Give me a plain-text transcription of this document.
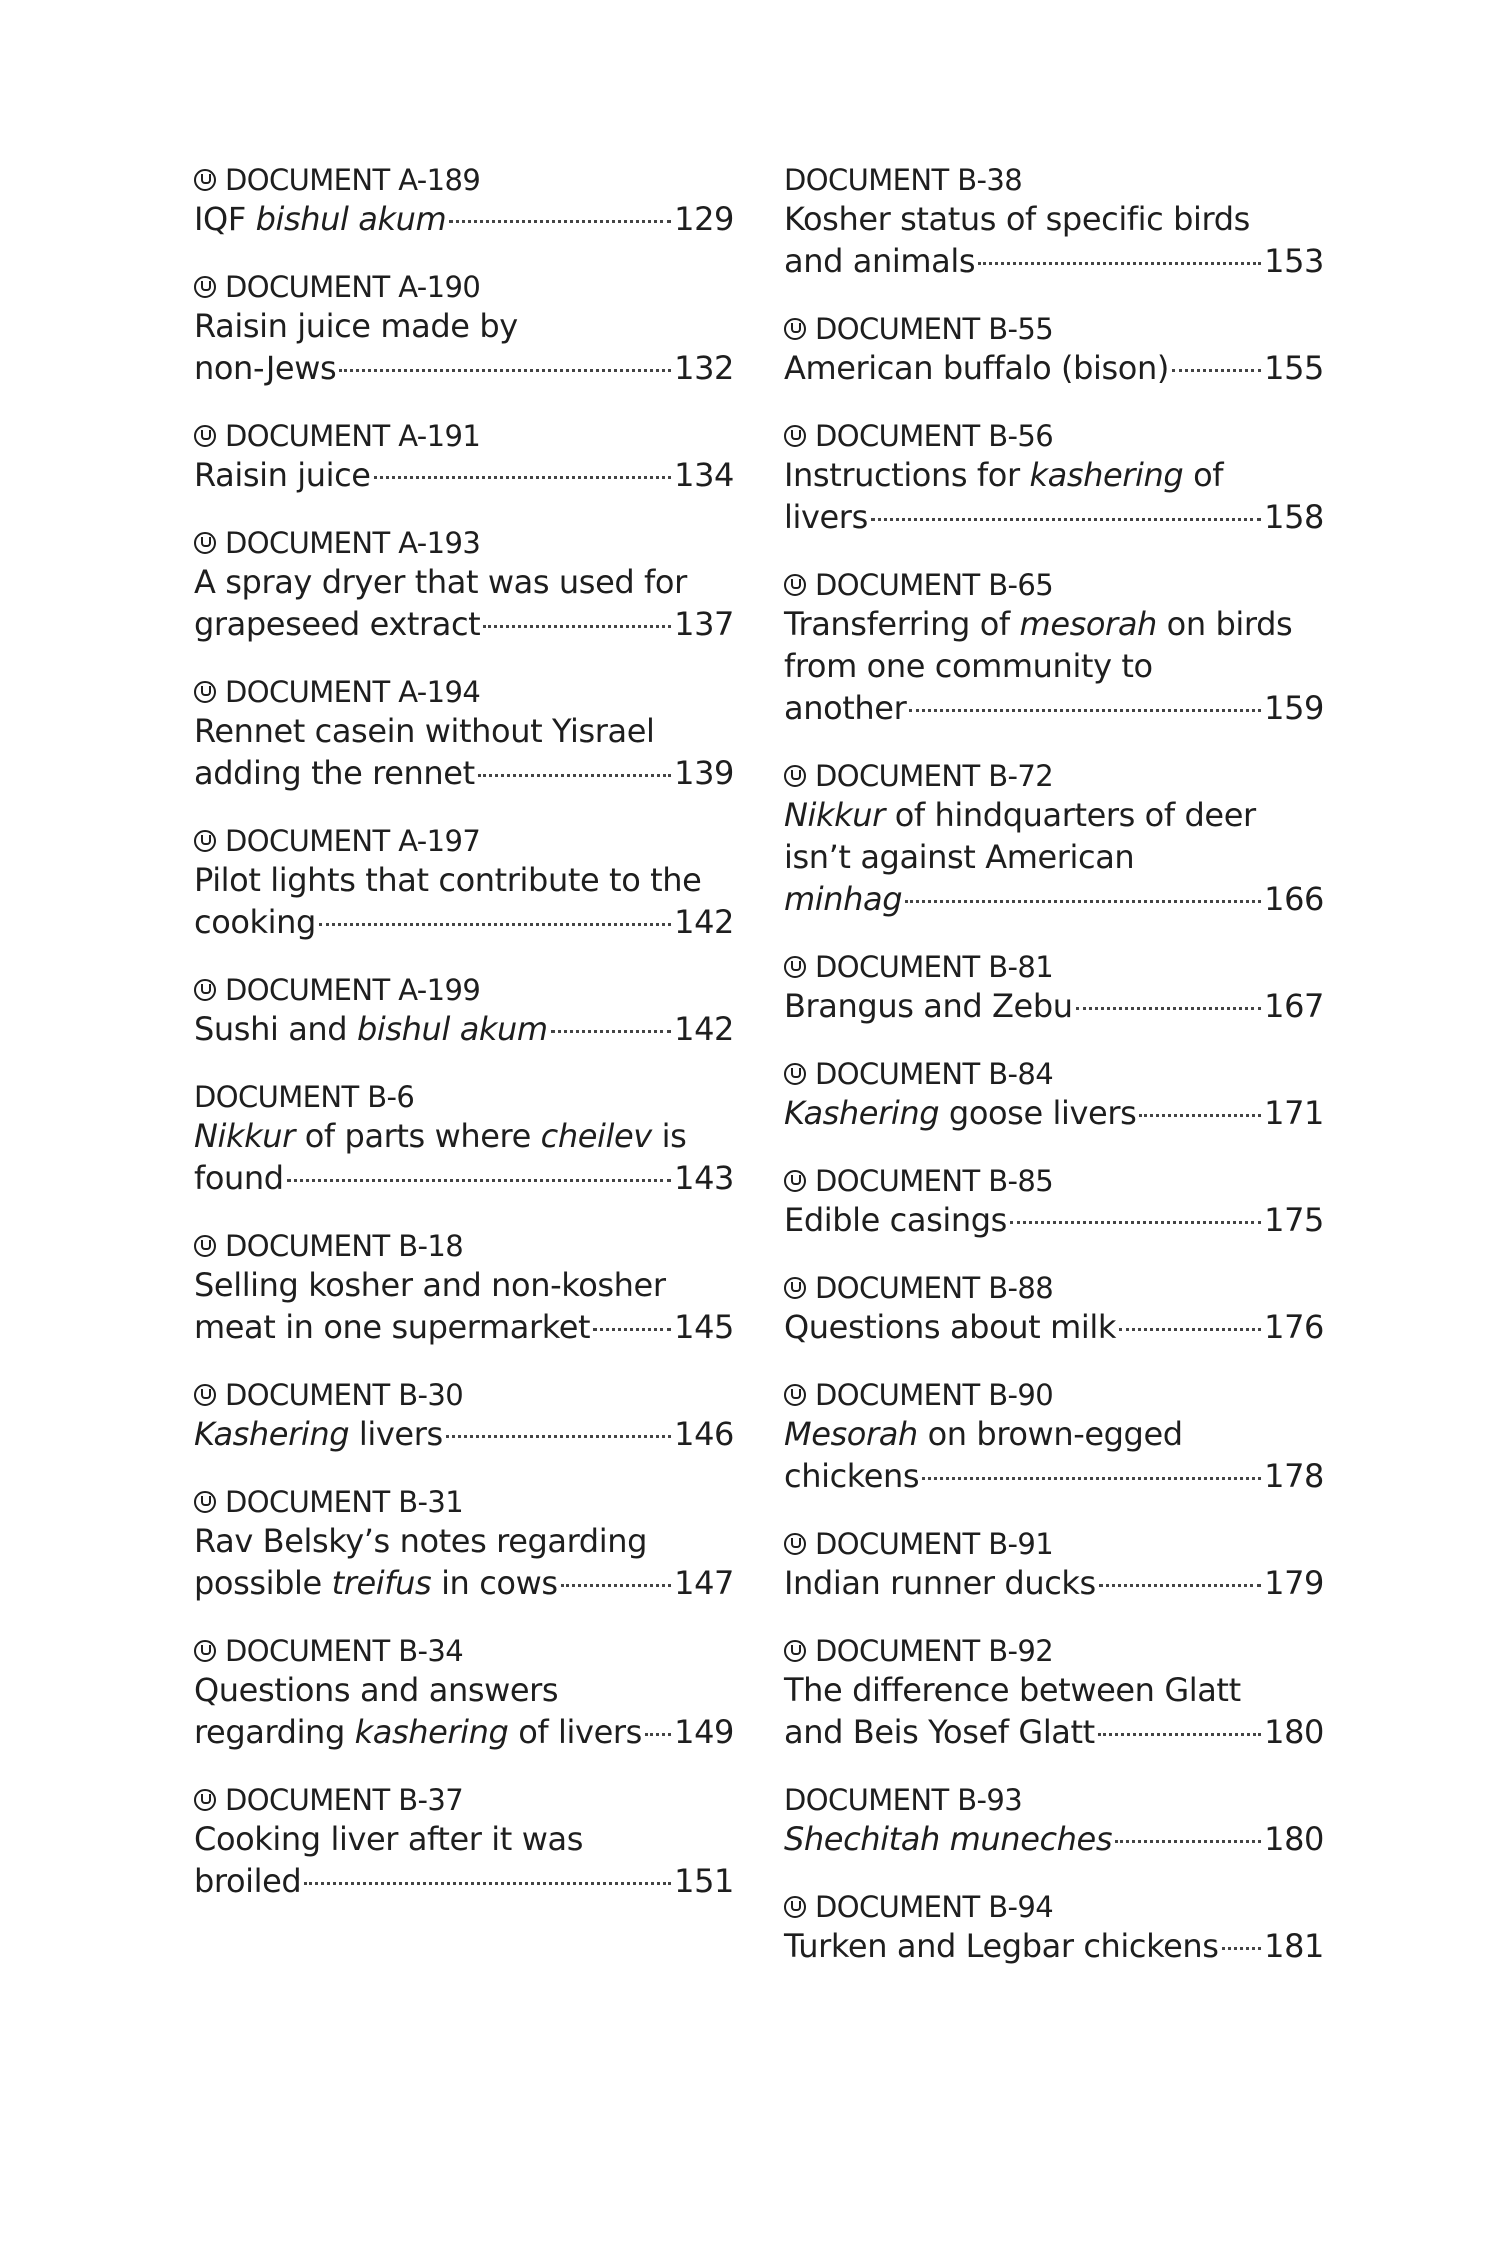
DOCUMENT A-189
IQF bishul akum	129
DOCUMENT A-190
Raisin juice made by
non-Jews	132
DOCUMENT A-191
Raisin juice	134
DOCUMENT A-193
A spray dryer that was used for
grapeseed extract	137
DOCUMENT A-194
Rennet casein without Yisrael
adding the rennet	139
DOCUMENT A-197
Pilot lights that contribute to the
cooking	142
DOCUMENT A-199
Sushi and bishul akum	142
DOCUMENT B-6
Nikkur of parts where cheilev is
found	143
DOCUMENT B-18
Selling kosher and non-kosher
meat in one supermarket	145
DOCUMENT B-30
Kashering livers	146
DOCUMENT B-31
Rav Belsky’s notes regarding
possible treifus in cows	147
DOCUMENT B-34
Questions and answers
regarding kashering of livers 149
DOCUMENT B-37
Cooking liver after it was
broiled	151
DOCUMENT B-38
Kosher status of specific birds
and animals	153
DOCUMENT B-55
American buffalo (bison)	155
DOCUMENT B-56
Instructions for kashering of
livers	158
DOCUMENT B-65
Transferring of mesorah on birds
from one community to
another	159
DOCUMENT B-72
Nikkur of hindquarters of deer
isn’t against American
minhag	166
DOCUMENT B-81
Brangus and Zebu	167
DOCUMENT B-84
Kashering goose livers	171
DOCUMENT B-85
Edible casings	175
DOCUMENT B-88
Questions about milk	176
DOCUMENT B-90
Mesorah on brown-egged
chickens	178
DOCUMENT B-91
Indian runner ducks	179
DOCUMENT B-92
The difference between Glatt
and Beis Yosef Glatt	180
DOCUMENT B-93
Shechitah muneches	180
DOCUMENT B-94
Turken and Legbar chickens 181
